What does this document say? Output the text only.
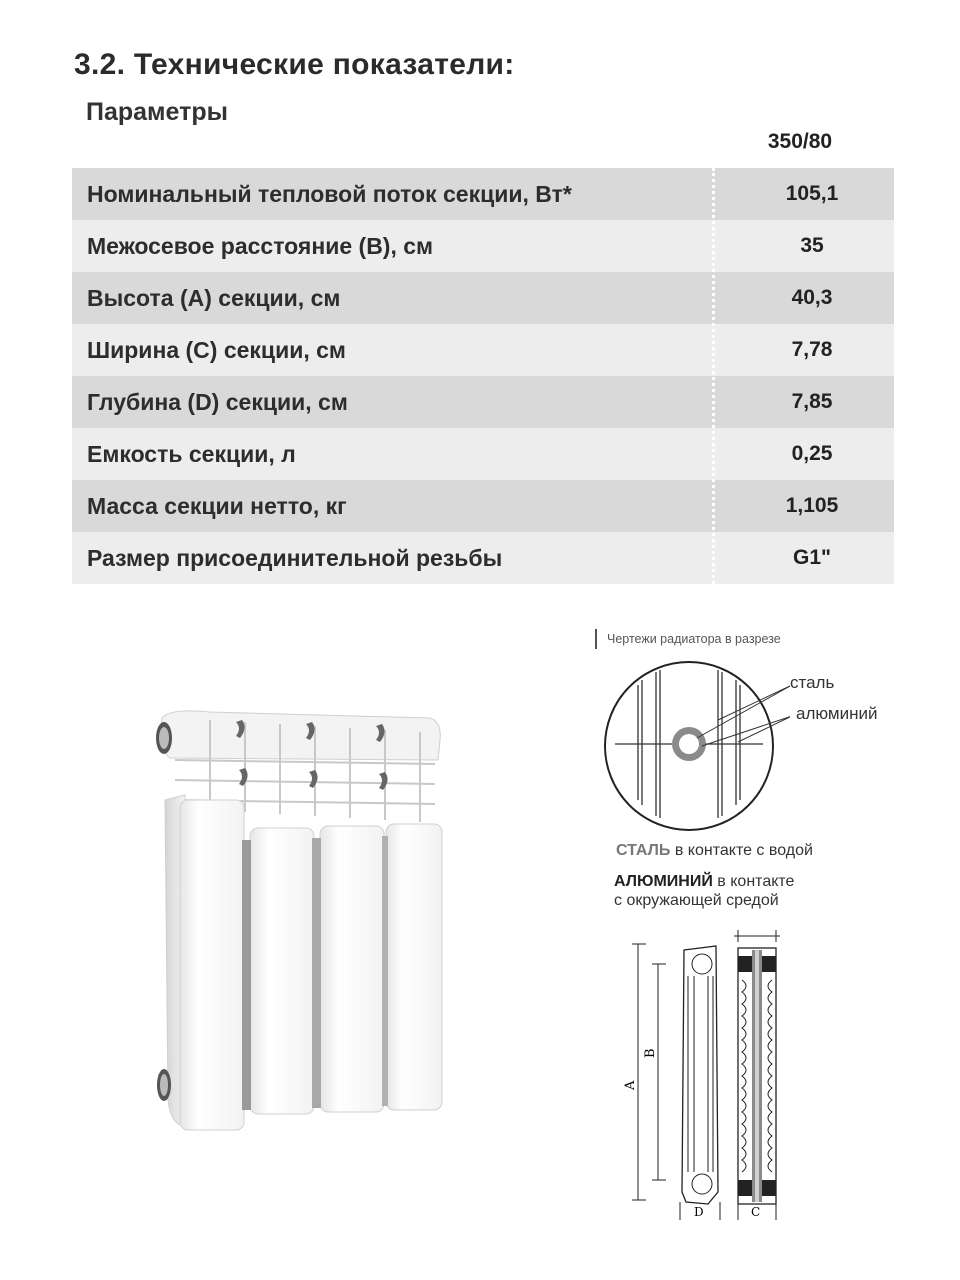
3.2. Технические показатели:
Параметры
350/80
Номинальный тепловой поток секции, Вт*	105,1
Межосевое расстояние (B), см	35
Высота (A) секции, см	40,3
Ширина (C) секции, см	7,78
Глубина (D) секции, см	7,85
Емкость секции, л	0,25
Масса секции нетто, кг	1,105
Размер присоединительной резьбы	G1"
Чертежи радиатора в разрезе
сталь
алюминий
СТАЛЬ в контакте с водой
АЛЮМИНИЙ в контакте
с окружающей средой
A
B
D	C
